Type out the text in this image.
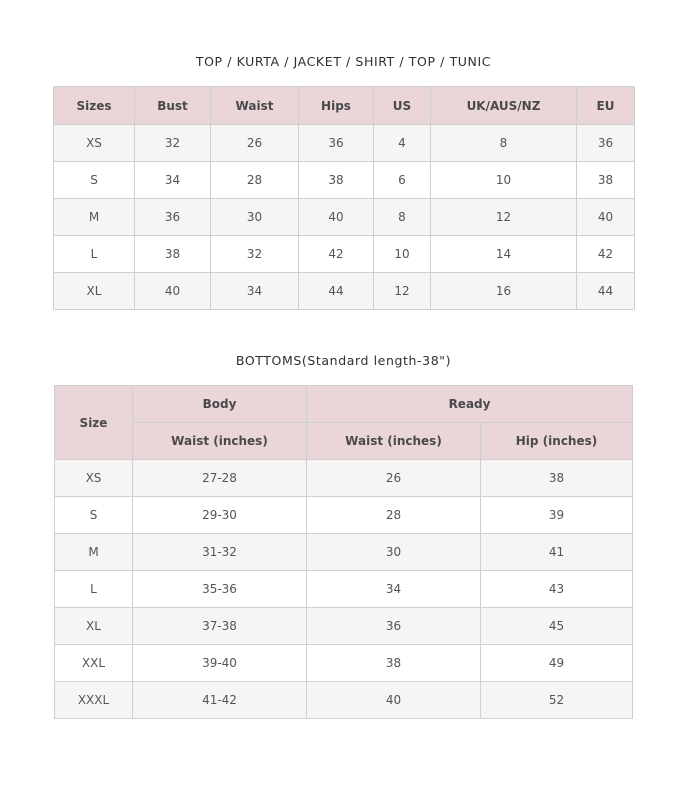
TOP / KURTA / JACKET / SHIRT / TOP / TUNIC
Sizes	Bust	Waist	Hips	US	UK/AUS/NZ	EU
XS	32	26	36	4	8	36
S	34	28	38	6	10	38
M	36	30	40	8	12	40
L	38	32	42	10	14	42
XL	40	34	44	12	16	44
BOTTOMS(Standard length-38")
Size	Body	Ready	
	Waist (inches)	Waist (inches)	Hip (inches)
XS	27-28	26	38
S	29-30	28	39
M	31-32	30	41
L	35-36	34	43
XL	37-38	36	45
XXL	39-40	38	49
XXXL	41-42	40	52
